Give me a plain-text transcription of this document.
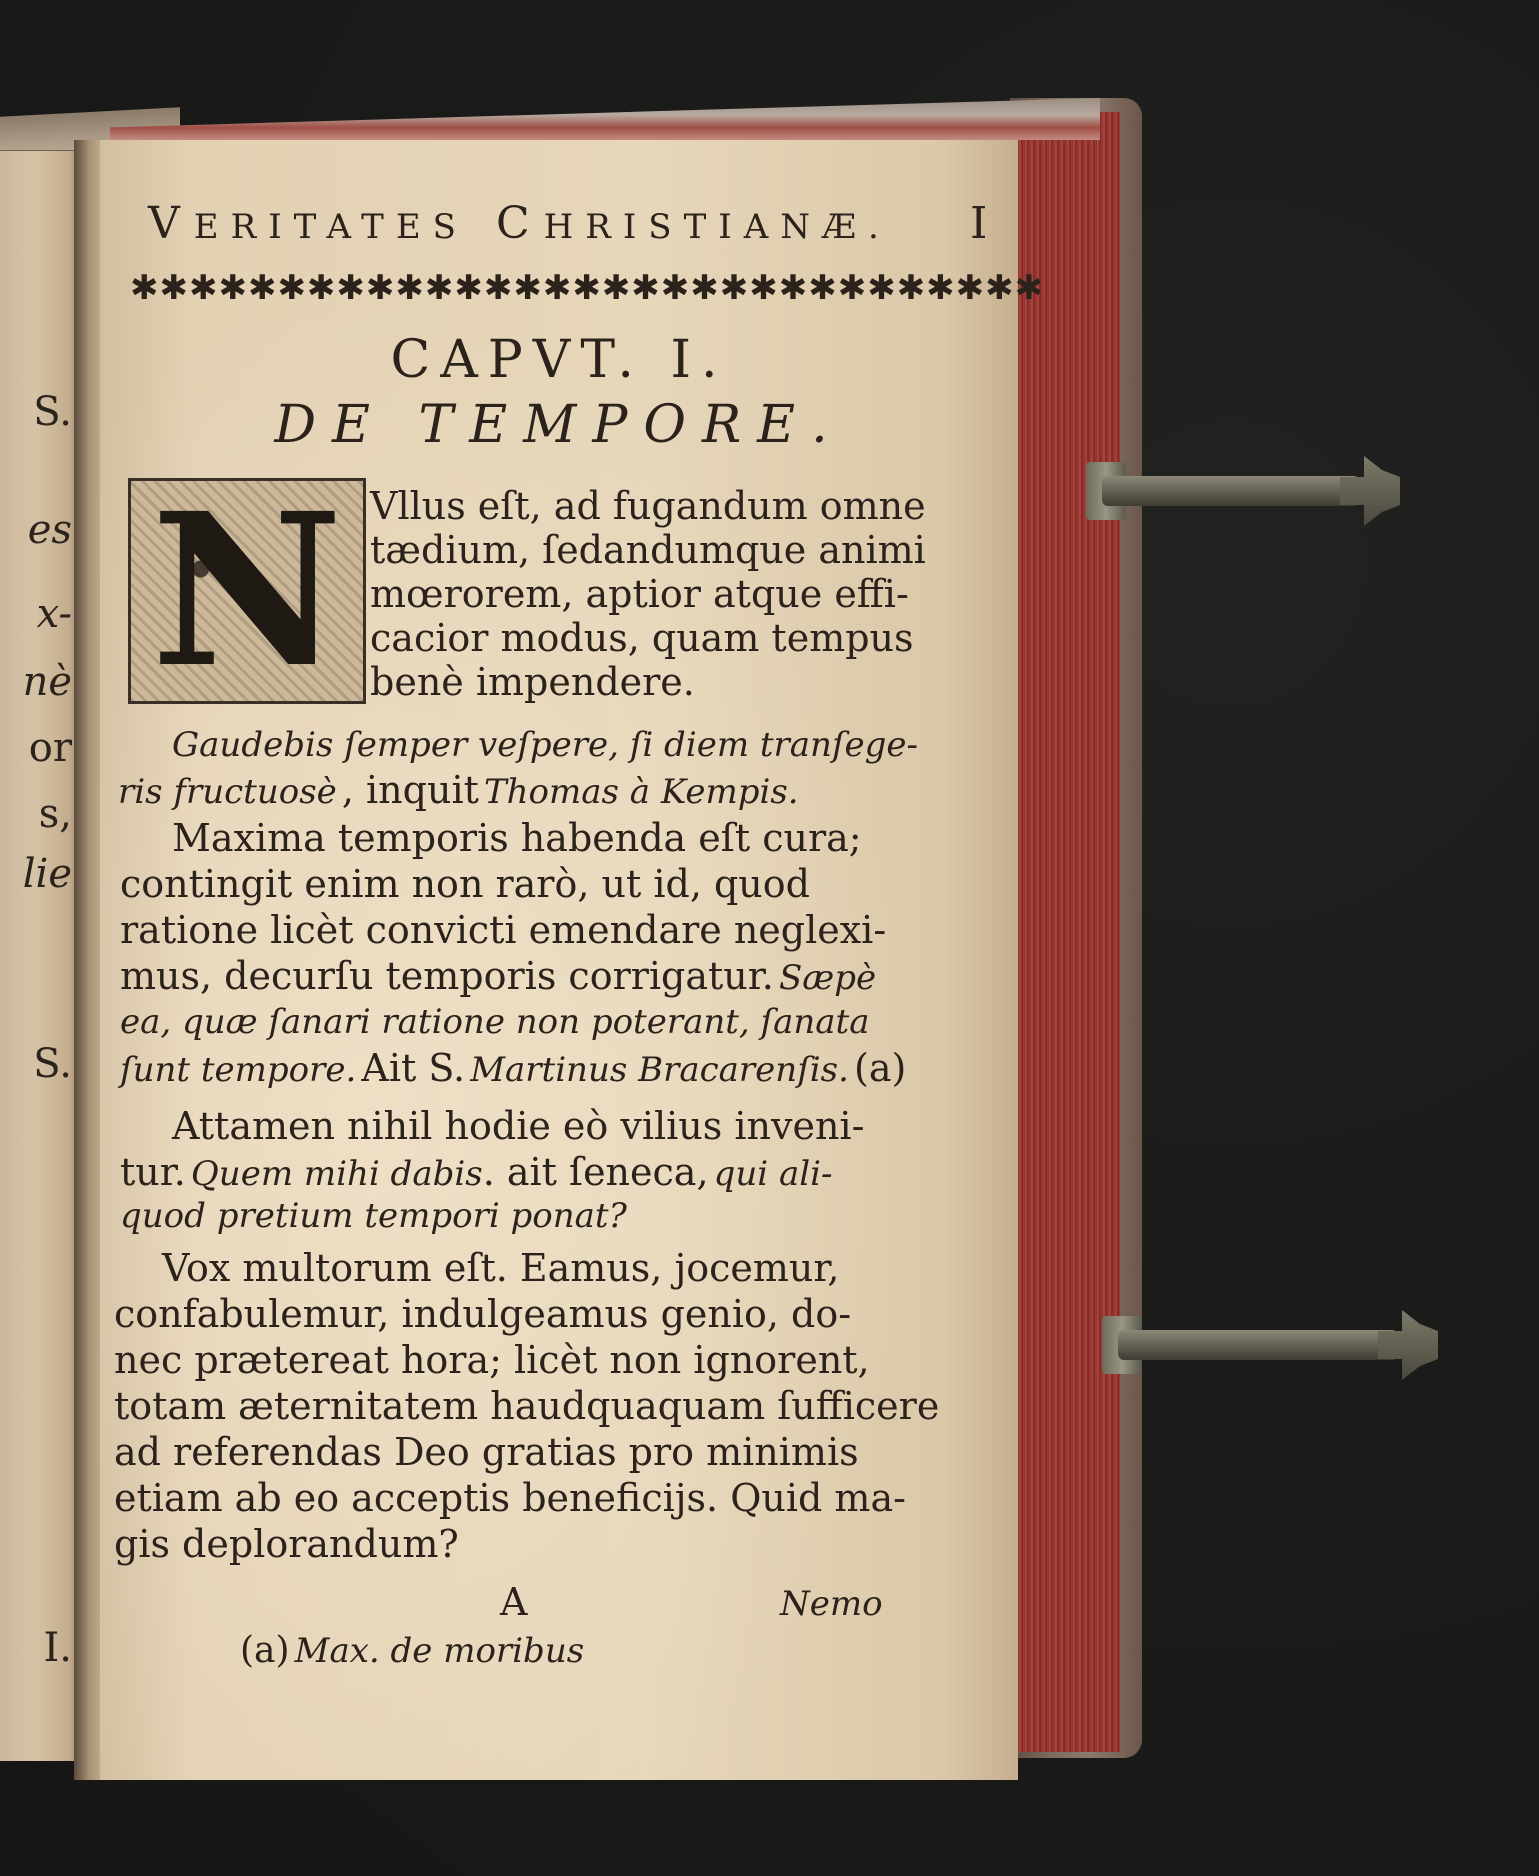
S.
es
x-
nè
or
s,
lie
S.
I.
VERITATES CHRISTIANÆ. I
✱✱✱✱✱✱✱✱✱✱✱✱✱✱✱✱✱✱✱✱✱✱✱✱✱✱✱✱✱✱✱
CAPVT. I.
DE TEMPORE.
N Vllus eſt, ad fugandum omne
tædium, ſedandumque animi
mœrorem, aptior atque effi-
cacior modus, quam tempus
benè impendere.
Gaudebis ſemper veſpere, ſi diem tranſege-
ris fructuosè , inquit Thomas à Kempis.
Maxima temporis habenda eſt cura;
contingit enim non rarò, ut id, quod
ratione licèt convicti emendare neglexi-
mus, decurſu temporis corrigatur. Sæpè
ea, quæ ſanari ratione non poterant, ſanata
ſunt tempore. Ait S. Martinus Bracarenſis. (a)
Attamen nihil hodie eò vilius inveni-
tur. Quem mihi dabis. ait ſeneca, qui ali-
quod pretium tempori ponat?
Vox multorum eſt. Eamus, jocemur,
confabulemur, indulgeamus genio, do-
nec prætereat hora; licèt non ignorent,
totam æternitatem haudquaquam ſufficere
ad referendas Deo gratias pro minimis
etiam ab eo acceptis beneficijs. Quid ma-
gis deplorandum?
A	Nemo
(a) Max. de moribus
